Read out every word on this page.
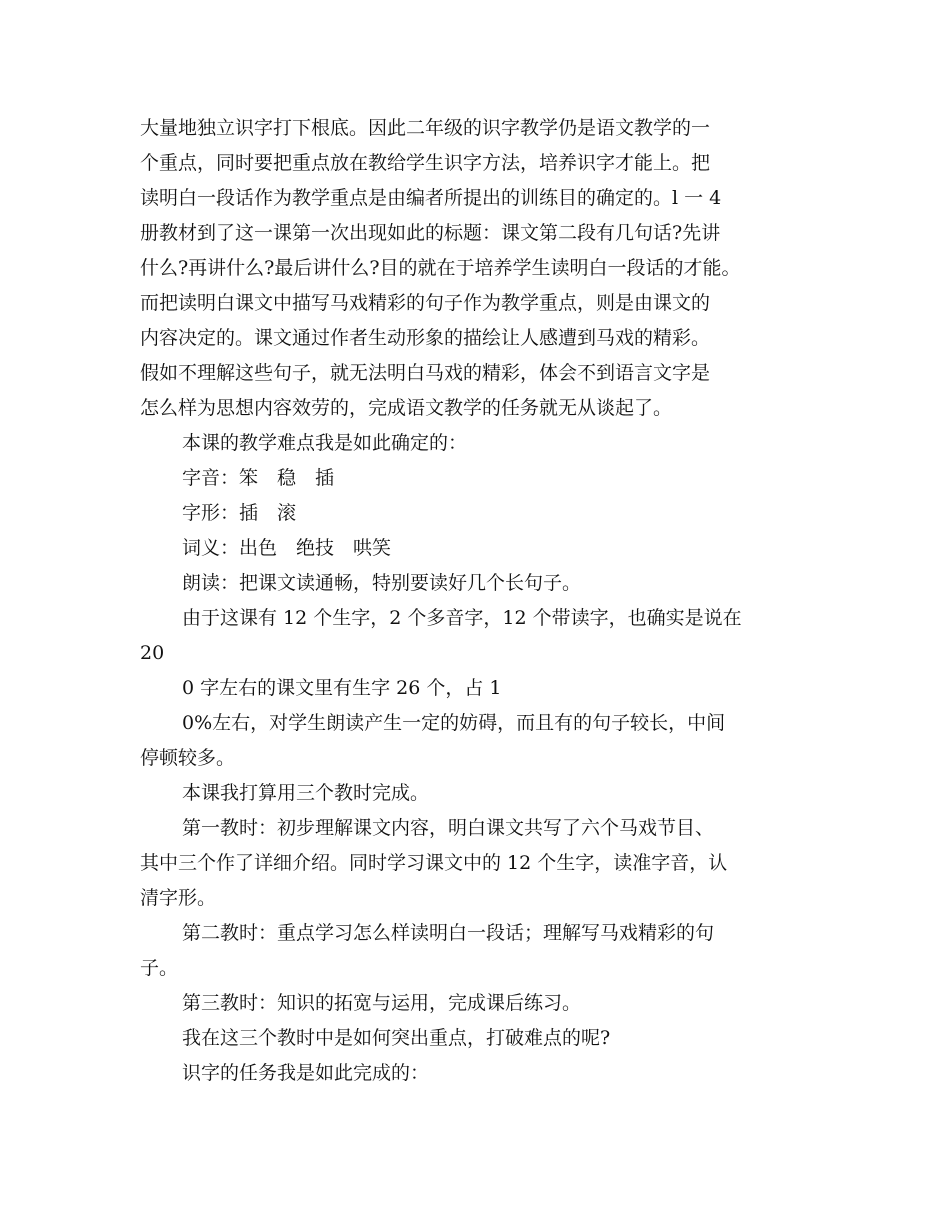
大量地独立识字打下根底。因此二年级的识字教学仍是语文教学的一
个重点，同时要把重点放在教给学生识字方法，培养识字才能上。把
读明白一段话作为教学重点是由编者所提出的训练目的确定的。l 一 4
册教材到了这一课第一次出现如此的标题：课文第二段有几句话?先讲
什么?再讲什么?最后讲什么?目的就在于培养学生读明白一段话的才能。
而把读明白课文中描写马戏精彩的句子作为教学重点，则是由课文的
内容决定的。课文通过作者生动形象的描绘让人感遭到马戏的精彩。
假如不理解这些句子，就无法明白马戏的精彩，体会不到语言文字是
怎么样为思想内容效劳的，完成语文教学的任务就无从谈起了。
本课的教学难点我是如此确定的：
字音：笨　稳　插
字形：插　滚
词义：出色　绝技　哄笑
朗读：把课文读通畅，特别要读好几个长句子。
由于这课有 12 个生字，2 个多音字，12 个带读字，也确实是说在
20
0 字左右的课文里有生字 26 个，占 1
0%左右，对学生朗读产生一定的妨碍，而且有的句子较长，中间
停顿较多。
本课我打算用三个教时完成。
第一教时：初步理解课文内容，明白课文共写了六个马戏节目、
其中三个作了详细介绍。同时学习课文中的 12 个生字，读准字音，认
清字形。
第二教时：重点学习怎么样读明白一段话；理解写马戏精彩的句
子。
第三教时：知识的拓宽与运用，完成课后练习。
我在这三个教时中是如何突出重点，打破难点的呢?
识字的任务我是如此完成的：
